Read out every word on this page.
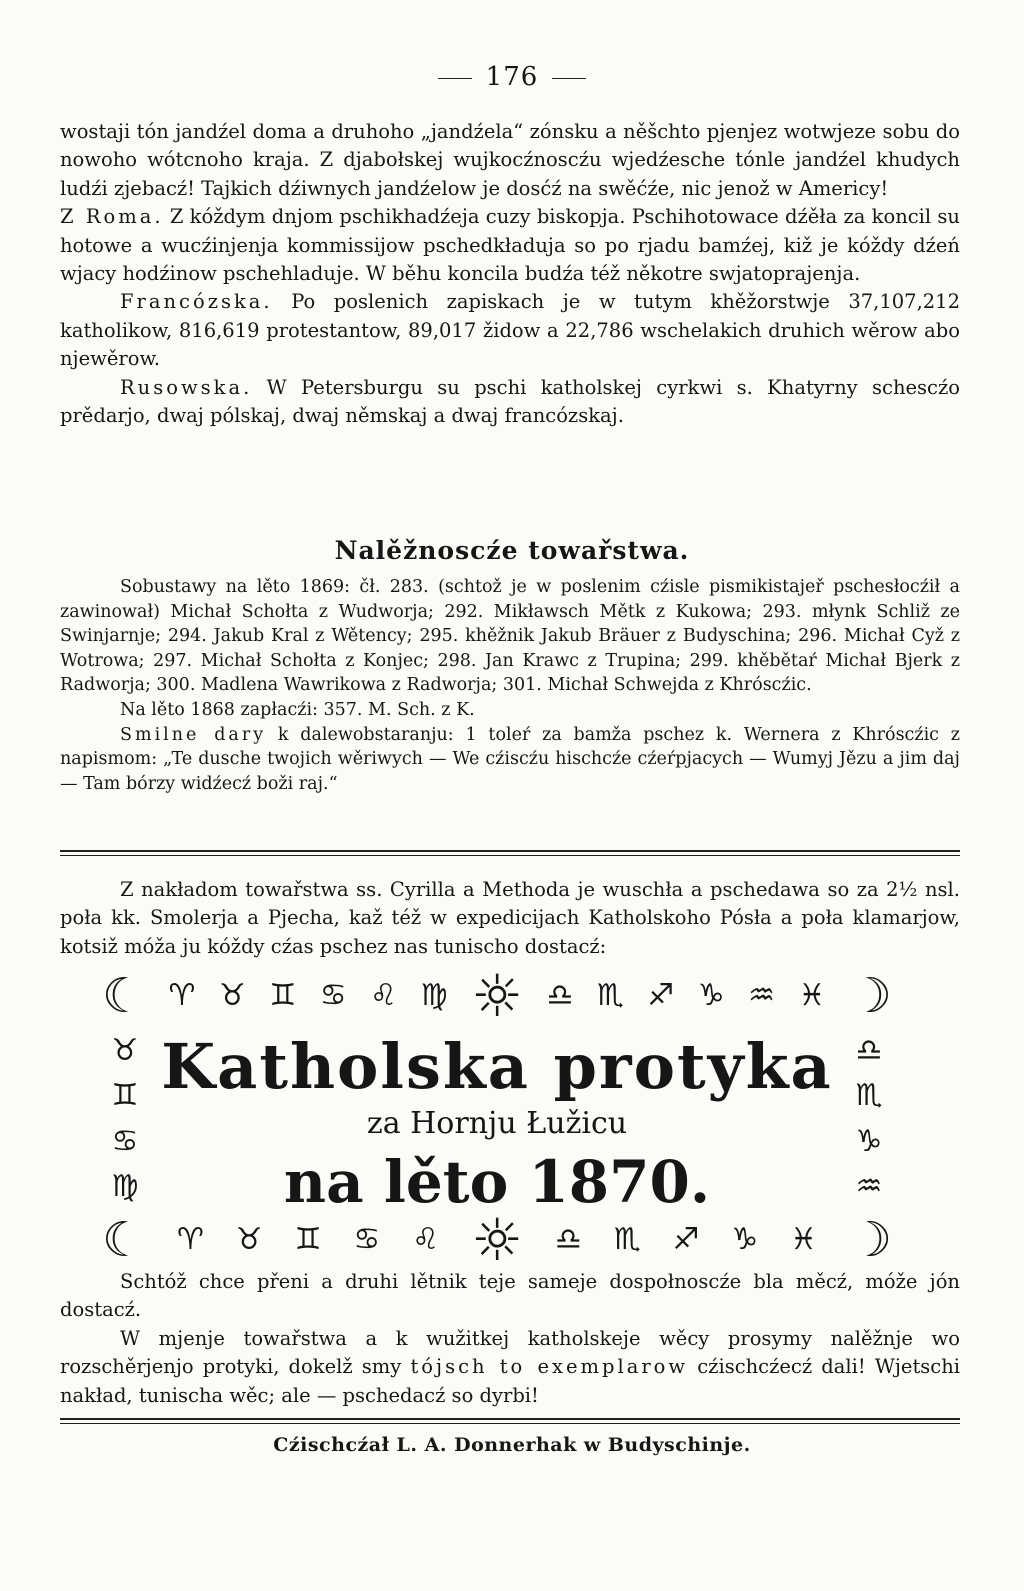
176

wostaji tón jandźel doma a druhoho „jandźela“ zónsku a něšchto pjenjez wotwjeze sobu do nowoho wótcnoho kraja. Z djabołskej wujkocźnoscźu wjedźesche tónle jandźel khudych ludźi zjebacź! Tajkich dźiwnych jandźelow je dosćź na swěćźe, nic jenož w Americy!

Z Roma. Z kóždym dnjom pschikhadźeja cuzy biskopja. Pschihotowace dźěła za koncil su hotowe a wucźinjenja kommissijow pschedkładuja so po rjadu bamźej, kiž je kóždy dźeń wjacy hodźinow pschehladuje. W běhu koncila budźa též někotre swjatoprajenja.

Francózska. Po poslenich zapiskach je w tutym khěžorstwje 37,107,212 katholikow, 816,619 protestantow, 89,017 židow a 22,786 wschelakich druhich wěrow abo njewěrow.

Rusowska. W Petersburgu su pschi katholskej cyrkwi s. Khatyrny schescźo prědarjo, dwaj pólskaj, dwaj němskaj a dwaj francózskaj.

Nalěžnoscźe towařstwa.

Sobustawy na lěto 1869: čł. 283. (schtož je w poslenim cźisle pismikistajeř pschesłocźił a zawinował) Michał Schołta z Wudworja; 292. Mikławsch Mětk z Kukowa; 293. młynk Schliž ze Swinjarnje; 294. Jakub Kral z Wětency; 295. khěžnik Jakub Bräuer z Budyschina; 296. Michał Cyž z Wotrowa; 297. Michał Schołta z Konjec; 298. Jan Krawc z Trupina; 299. khěbětaŕ Michał Bjerk z Radworja; 300. Madlena Wawrikowa z Radworja; 301. Michał Schwejda z Khróscźic.

Na lěto 1868 zapłacźi: 357. M. Sch. z K.

Smilne dary k dalewobstaranju: 1 toleŕ za bamža pschez k. Wernera z Khróscźic z napismom: „Te dusche twojich wěriwych — We cźiscźu hischcźe cźeŕpjacych — Wumyj Jězu a jim daj — Tam bórzy widźecź boži raj.“

Z nakładom towařstwa ss. Cyrilla a Methoda je wuschła a pschedawa so za 2½ nsl. poła kk. Smolerja a Pjecha, kaž též w expedicijach Katholskoho Pósła a poła klamarjow, kotsiž móža ju kóždy cźas pschez nas tunischo dostacź:

☾ ♈ ♉ ♊ ♋ ♌ ♍ ☼ ♎ ♏ ♐ ♑ ♒ ♓ ☽
♉
♊
♋
♍
♎
♏
♑
♒
Katholska protyka
za Hornju Łužicu
na lěto 1870.
☾ ♈ ♉ ♊ ♋ ♌ ☼ ♎ ♏ ♐ ♑ ♓ ☽

Schtóž chce přeni a druhi lětnik teje sameje dospołnoscźe bla měcź, móže jón dostacź.

W mjenje towařstwa a k wužitkej katholskeje wěcy prosymy nalěžnje wo rozschěrjenjo protyki, dokelž smy tójsch to exemplarow cźischcźecź dali! Wjetschi nakład, tunischa wěc; ale — pschedacź so dyrbi!

Cźischcźał L. A. Donnerhak w Budyschinje.
